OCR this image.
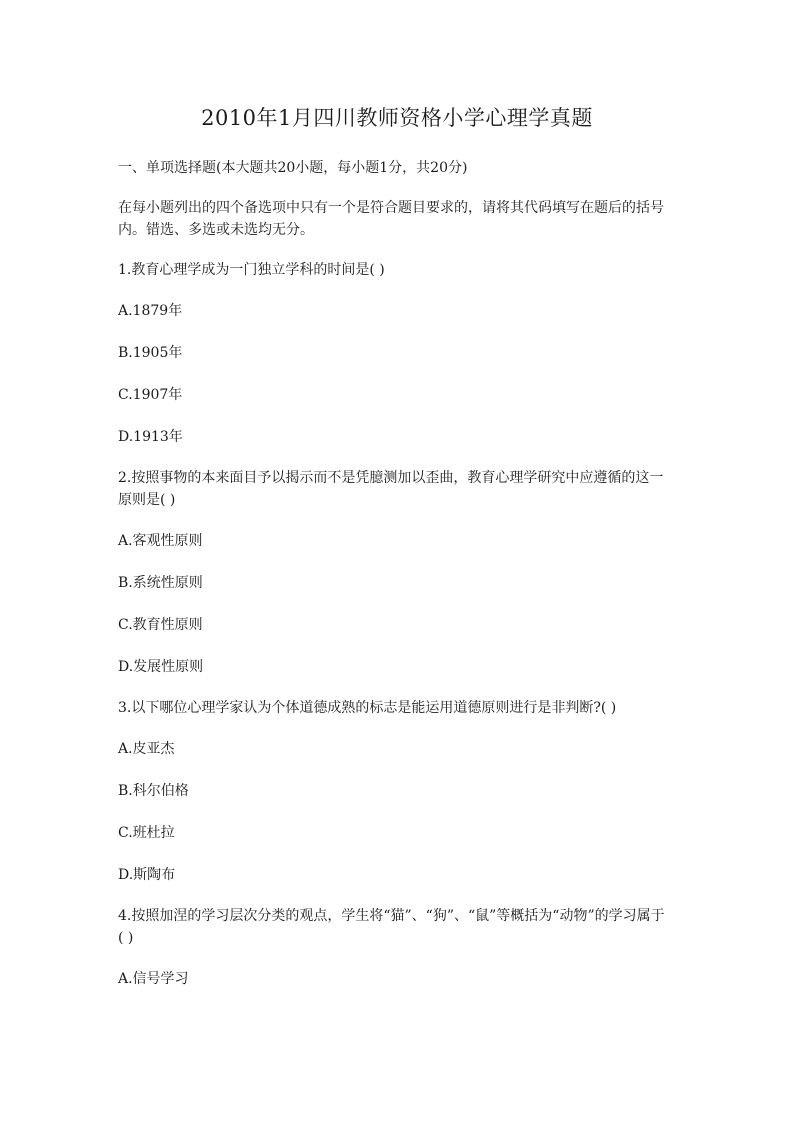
2010年1月四川教师资格小学心理学真题

一、单项选择题(本大题共20小题，每小题1分，共20分)

在每小题列出的四个备选项中只有一个是符合题目要求的，请将其代码填写在题后的括号内。错选、多选或未选均无分。

1.教育心理学成为一门独立学科的时间是( )

A.1879年

B.1905年

C.1907年

D.1913年

2.按照事物的本来面目予以揭示而不是凭臆测加以歪曲，教育心理学研究中应遵循的这一原则是( )

A.客观性原则

B.系统性原则

C.教育性原则

D.发展性原则

3.以下哪位心理学家认为个体道德成熟的标志是能运用道德原则进行是非判断?( )

A.皮亚杰

B.科尔伯格

C.班杜拉

D.斯陶布

4.按照加涅的学习层次分类的观点，学生将“猫”、“狗”、“鼠”等概括为“动物”的学习属于 ( )

A.信号学习
